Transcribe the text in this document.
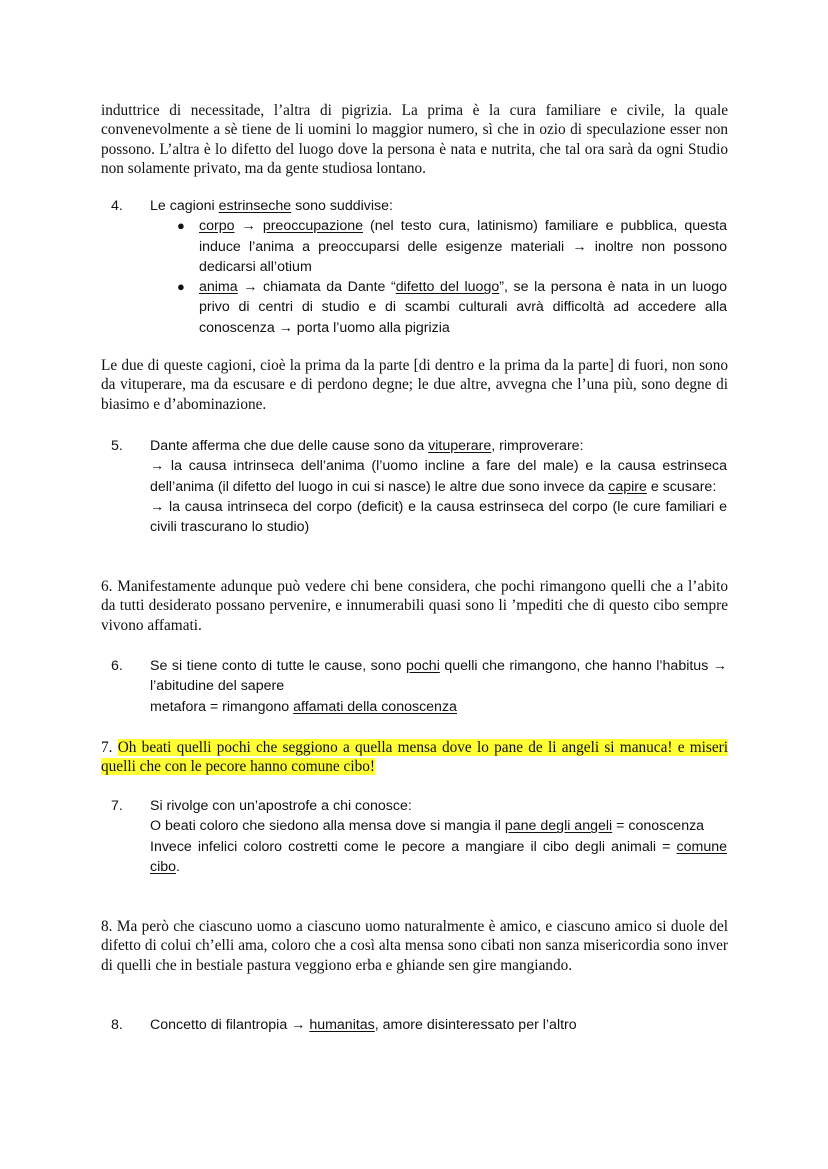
induttrice di necessitade, l’altra di pigrizia. La prima è la cura familiare e civile, la quale convenevolmente a sè tiene de li uomini lo maggior numero, sì che in ozio di speculazione esser non possono. L’altra è lo difetto del luogo dove la persona è nata e nutrita, che tal ora sarà da ogni Studio non solamente privato, ma da gente studiosa lontano.

4. Le cagioni estrinseche sono suddivise:
● corpo → preoccupazione (nel testo cura, latinismo) familiare e pubblica, questa induce l’anima a preoccuparsi delle esigenze materiali → inoltre non possono dedicarsi all’otium
● anima → chiamata da Dante “difetto del luogo”, se la persona è nata in un luogo privo di centri di studio e di scambi culturali avrà difficoltà ad accedere alla conoscenza → porta l’uomo alla pigrizia

Le due di queste cagioni, cioè la prima da la parte [di dentro e la prima da la parte] di fuori, non sono da vituperare, ma da escusare e di perdono degne; le due altre, avvegna che l’una più, sono degne di biasimo e d’abominazione.

5. Dante afferma che due delle cause sono da vituperare, rimproverare:
→ la causa intrinseca dell’anima (l’uomo incline a fare del male) e la causa estrinseca dell’anima (il difetto del luogo in cui si nasce) le altre due sono invece da capire e scusare:
→ la causa intrinseca del corpo (deficit) e la causa estrinseca del corpo (le cure familiari e civili trascurano lo studio)

6. Manifestamente adunque può vedere chi bene considera, che pochi rimangono quelli che a l’abito da tutti desiderato possano pervenire, e innumerabili quasi sono li ’mpediti che di questo cibo sempre vivono affamati.

6. Se si tiene conto di tutte le cause, sono pochi quelli che rimangono, che hanno l’habitus → l’abitudine del sapere
metafora = rimangono affamati della conoscenza

7. Oh beati quelli pochi che seggiono a quella mensa dove lo pane de li angeli si manuca! e miseri quelli che con le pecore hanno comune cibo!

7. Si rivolge con un’apostrofe a chi conosce:
O beati coloro che siedono alla mensa dove si mangia il pane degli angeli = conoscenza
Invece infelici coloro costretti come le pecore a mangiare il cibo degli animali = comune cibo.

8. Ma però che ciascuno uomo a ciascuno uomo naturalmente è amico, e ciascuno amico si duole del difetto di colui ch’elli ama, coloro che a così alta mensa sono cibati non sanza misericordia sono inver di quelli che in bestiale pastura veggiono erba e ghiande sen gire mangiando.

8. Concetto di filantropia → humanitas, amore disinteressato per l’altro
